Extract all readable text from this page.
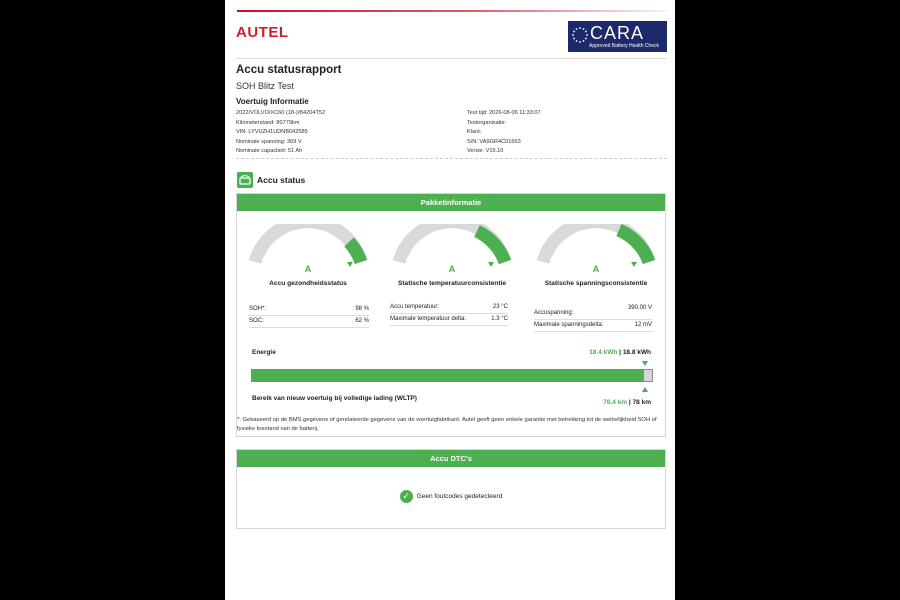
AUTEL	CARA
Approved Battery Health Check
Accu statusrapport
SOH Blitz Test
Voertuig Informatie
2022/VOLVO/XC60 (18-)/B4204T52
Kilometerstand: 80779km
VIN: LYVUZH1UDNB042585
Nominale spanning: 369 V
Nominale capaciteit: 51 Ah
Test tijd: 2026-08-06 11:33:07
Testorganisatie:
Klant:
S/N: VA9GR4C01663
Versie: V15.10
Accu status
Pakketinformatie
A
Accu gezondheidsstatus
A
Statische temperatuurconsistentie
A
Statische spanningsconsistentie
SOH*:	98 %
SOC:	62 %
Accu temperatuur:	23 °C
Maximale temperatuur delta:	1.3 °C
Accuspanning:
390.00 V
Maximale spanningsdelta:	12 mV
Energie	18.4 kWh | 18.8 kWh
Bereik van nieuw voertuig bij volledige lading (WLTP)
76.4 km | 78 km
*: Gebaseerd op de BMS gegevens of gerelateerde gegevens van de voertuigfabrikant. Autel geeft geen enkele garantie met betrekking tot de werkelijkheid SOH of fysieke toestand van de batterij.
Accu DTC's
✓ Geen foutcodes gedetecteerd
